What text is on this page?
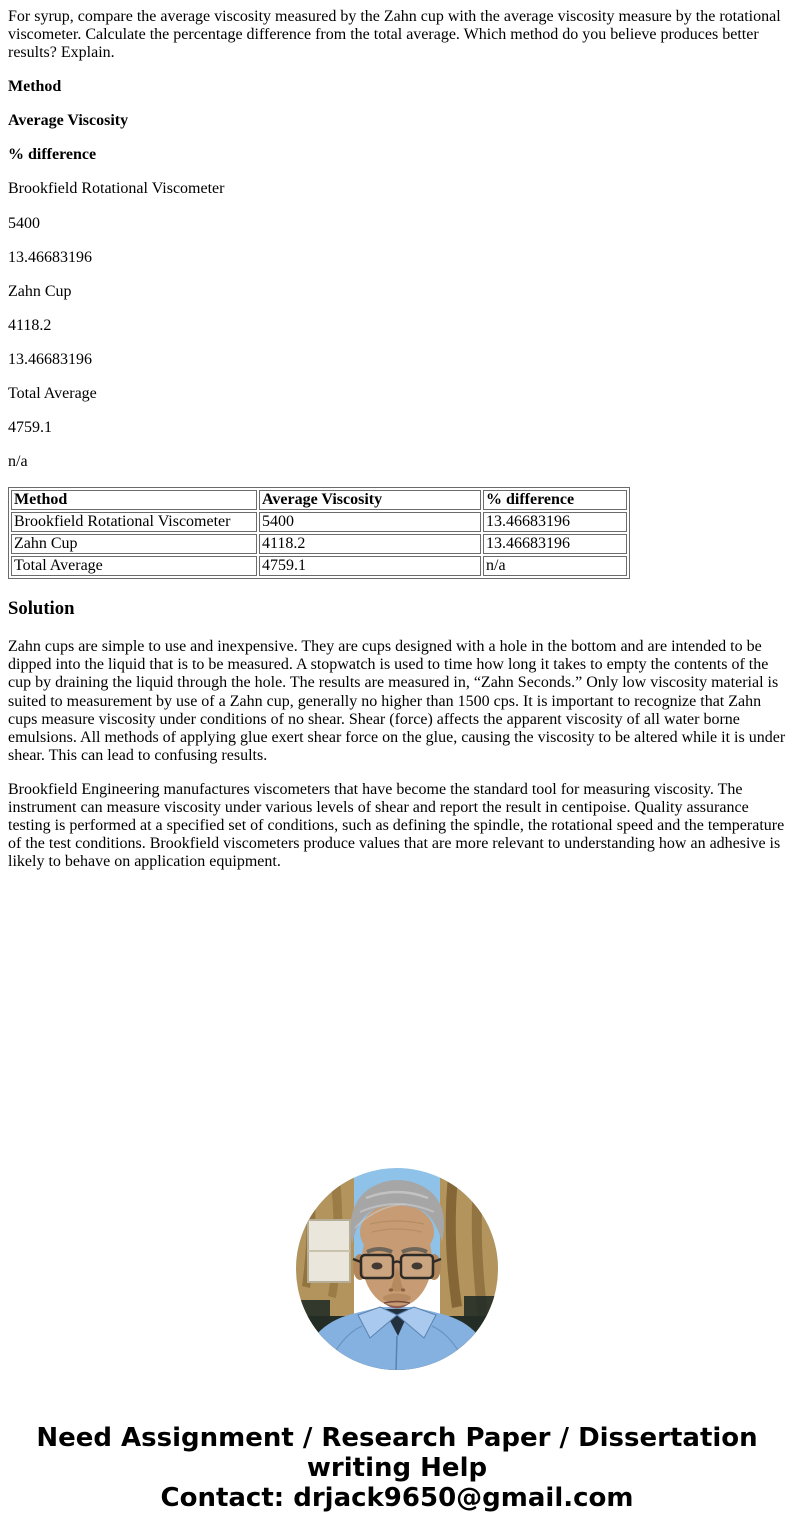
For syrup, compare the average viscosity measured by the Zahn cup with the average viscosity measure by the rotational viscometer. Calculate the percentage difference from the total average. Which method do you believe produces better results? Explain.

Method

Average Viscosity

% difference

Brookfield Rotational Viscometer

5400

13.46683196

Zahn Cup

4118.2

13.46683196

Total Average

4759.1

n/a

Method	Average Viscosity	% difference
Brookfield Rotational Viscometer	5400	13.46683196
Zahn Cup	4118.2	13.46683196
Total Average	4759.1	n/a
Solution

Zahn cups are simple to use and inexpensive. They are cups designed with a hole in the bottom and are intended to be dipped into the liquid that is to be measured. A stopwatch is used to time how long it takes to empty the contents of the cup by draining the liquid through the hole. The results are measured in, “Zahn Seconds.” Only low viscosity material is suited to measurement by use of a Zahn cup, generally no higher than 1500 cps. It is important to recognize that Zahn cups measure viscosity under conditions of no shear. Shear (force) affects the apparent viscosity of all water borne emulsions. All methods of applying glue exert shear force on the glue, causing the viscosity to be altered while it is under shear. This can lead to confusing results.

Brookfield Engineering manufactures viscometers that have become the standard tool for measuring viscosity. The instrument can measure viscosity under various levels of shear and report the result in centipoise. Quality assurance testing is performed at a specified set of conditions, such as defining the spindle, the rotational speed and the temperature of the test conditions. Brookfield viscometers produce values that are more relevant to understanding how an adhesive is likely to behave on application equipment.

Need Assignment / Research Paper / Dissertation
writing Help
Contact: drjack9650@gmail.com
